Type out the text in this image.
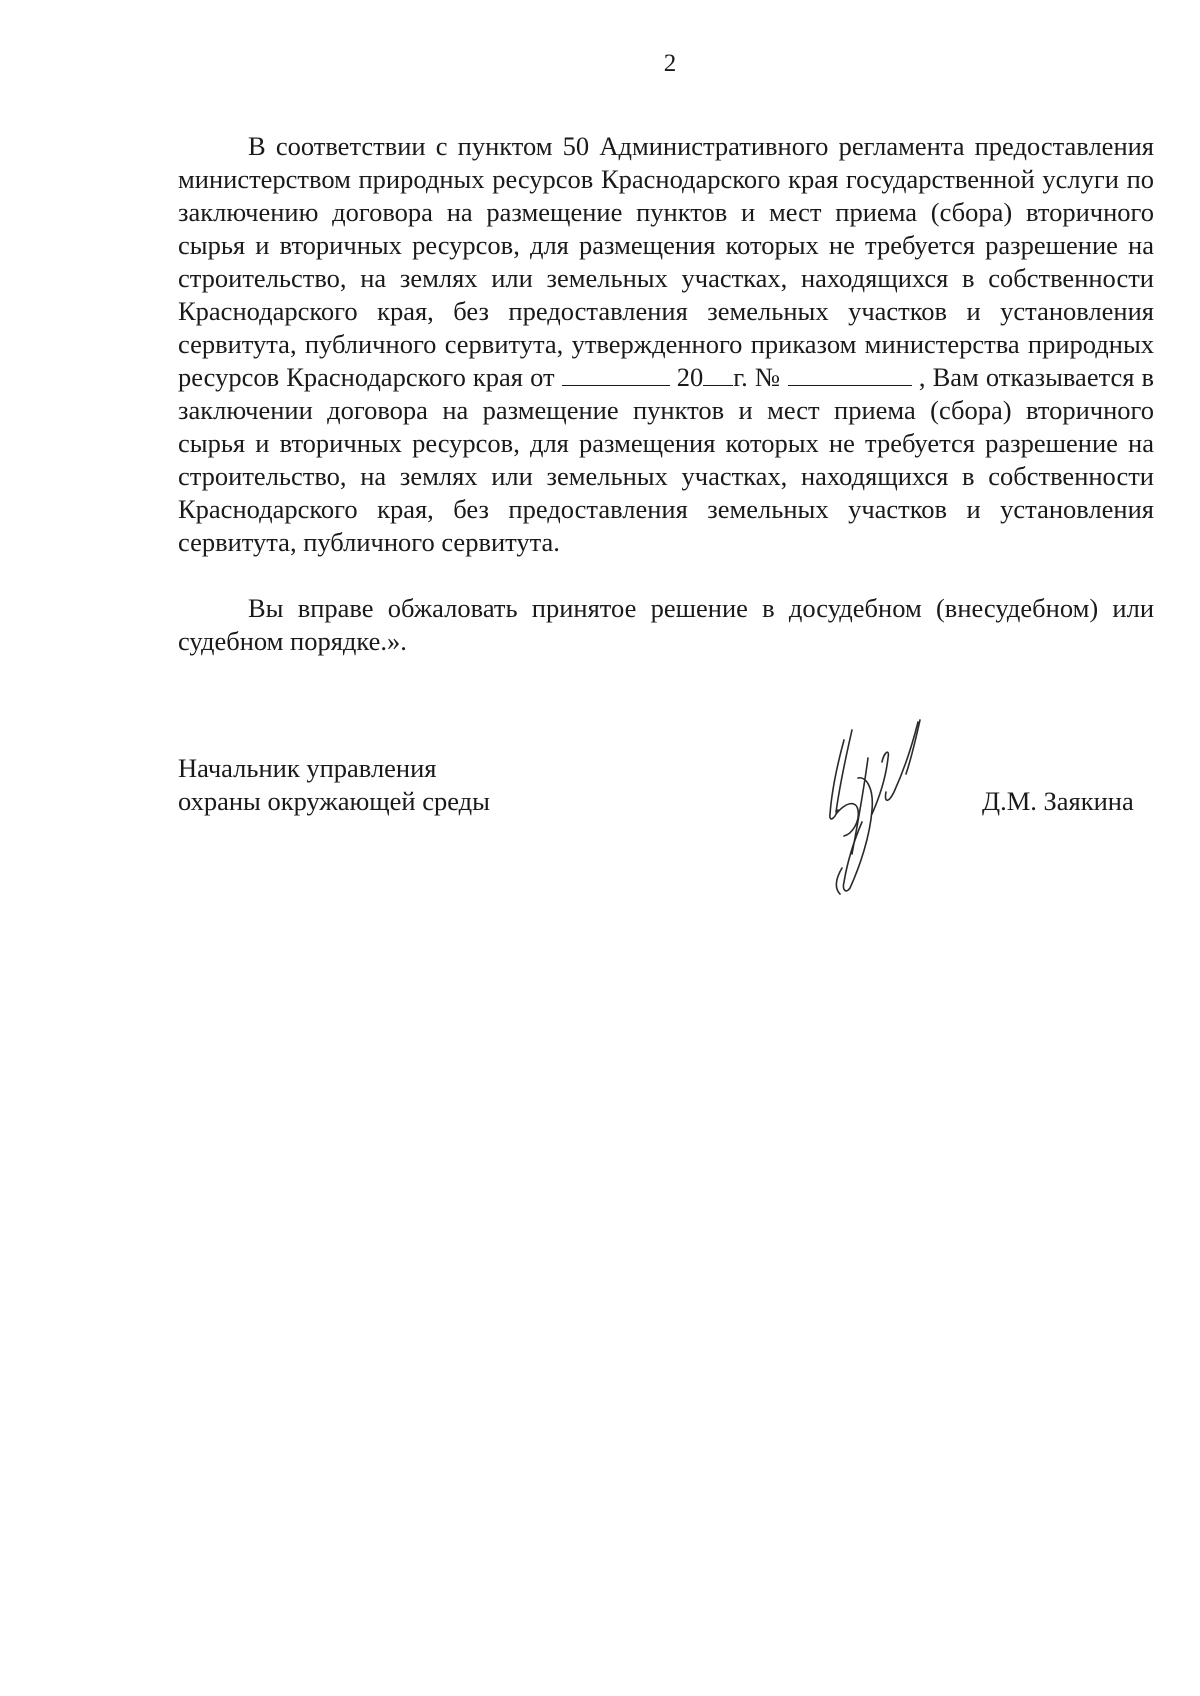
2

В соответствии с пунктом 50 Административного регламента предоставления министерством природных ресурсов Краснодарского края государственной услуги по заключению договора на размещение пунктов и мест приема (сбора) вторичного сырья и вторичных ресурсов, для размещения которых не требуется разрешение на строительство, на землях или земельных участках, находящихся в собственности Краснодарского края, без предоставления земельных участков и установления сервитута, публичного сервитута, утвержденного приказом министерства природных ресурсов Краснодарского края от	20 г. №	, Вам отказывается в заключении договора на размещение пунктов и мест приема (сбора) вторичного сырья и вторичных ресурсов, для размещения которых не требуется разрешение на строительство, на землях или земельных участках, находящихся в собственности Краснодарского края, без предоставления земельных участков и установления сервитута, публичного сервитута.

Вы вправе обжаловать принятое решение в досудебном (внесудебном) или судебном порядке.».

Начальник управления
охраны окружающей среды	Д.М. Заякина
